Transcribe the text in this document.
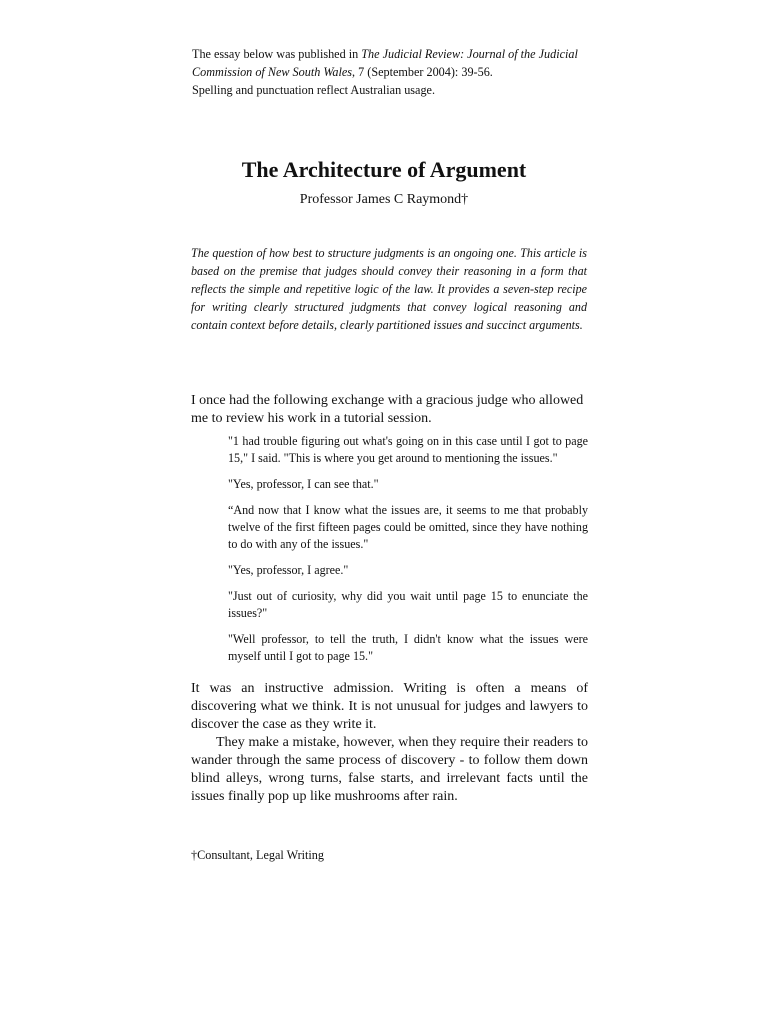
The essay below was published in The Judicial Review: Journal of the Judicial Commission of New South Wales, 7 (September 2004): 39-56.
Spelling and punctuation reflect Australian usage.
The Architecture of Argument
Professor James C Raymond†

The question of how best to structure judgments is an ongoing one. This article is based on the premise that judges should convey their reasoning in a form that reflects the simple and repetitive logic of the law. It provides a seven-step recipe for writing clearly structured judgments that convey logical reasoning and contain context before details, clearly partitioned issues and succinct arguments.

I once had the following exchange with a gracious judge who allowed me to review his work in a tutorial session.

"1 had trouble figuring out what's going on in this case until I got to page 15," I said. "This is where you get around to mentioning the issues."

"Yes, professor, I can see that."

“And now that I know what the issues are, it seems to me that probably twelve of the first fifteen pages could be omitted, since they have nothing to do with any of the issues."

"Yes, professor, I agree."

"Just out of curiosity, why did you wait until page 15 to enunciate the issues?"

"Well professor, to tell the truth, I didn't know what the issues were myself until I got to page 15."

It was an instructive admission. Writing is often a means of discovering what we think. It is not unusual for judges and lawyers to discover the case as they write it.

They make a mistake, however, when they require their readers to wander through the same process of discovery - to follow them down blind alleys, wrong turns, false starts, and irrelevant facts until the issues finally pop up like mushrooms after rain.

†Consultant, Legal Writing
